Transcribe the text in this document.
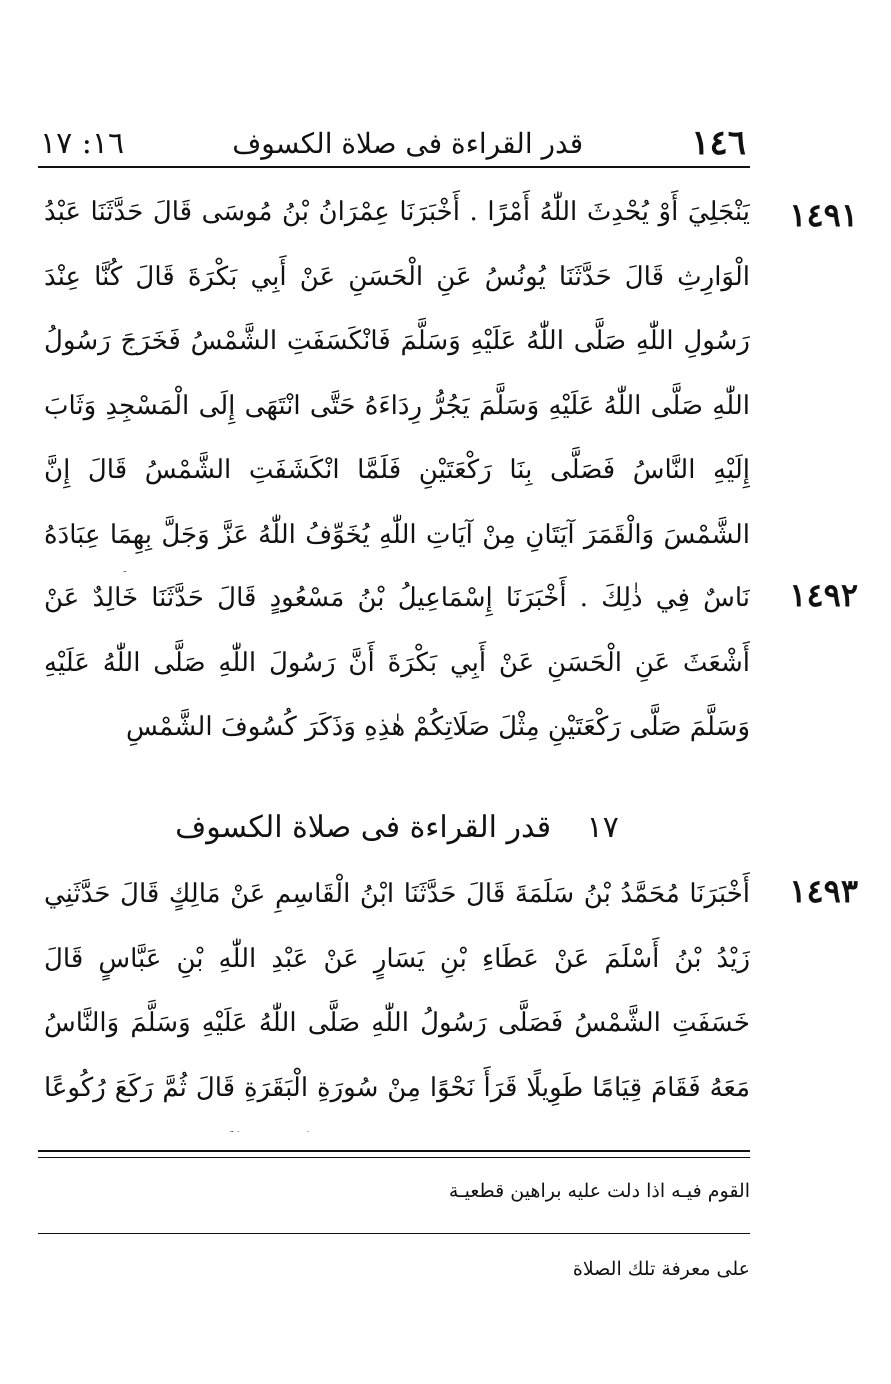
١٤٦
قدر القراءة فى صلاة الكسوف
١٦: ١٧
١٤٩١
يَنْجَلِيَ أَوْ يُحْدِثَ اللّٰهُ أَمْرًا . أَخْبَرَنَا عِمْرَانُ بْنُ مُوسَى قَالَ حَدَّثَنَا عَبْدُ الْوَارِثِ قَالَ حَدَّثَنَا يُونُسُ عَنِ الْحَسَنِ عَنْ أَبِي بَكْرَةَ قَالَ كُنَّا عِنْدَ رَسُولِ اللّٰهِ صَلَّى اللّٰهُ عَلَيْهِ وَسَلَّمَ فَانْكَسَفَتِ الشَّمْسُ فَخَرَجَ رَسُولُ اللّٰهِ صَلَّى اللّٰهُ عَلَيْهِ وَسَلَّمَ يَجُرُّ رِدَاءَهُ حَتَّى انْتَهَى إِلَى الْمَسْجِدِ وَثَابَ إِلَيْهِ النَّاسُ فَصَلَّى بِنَا رَكْعَتَيْنِ فَلَمَّا انْكَشَفَتِ الشَّمْسُ قَالَ إِنَّ الشَّمْسَ وَالْقَمَرَ آيَتَانِ مِنْ آيَاتِ اللّٰهِ يُخَوِّفُ اللّٰهُ عَزَّ وَجَلَّ بِهِمَا عِبَادَهُ
١٤٩٢
نَاسٌ فِي ذٰلِكَ . أَخْبَرَنَا إِسْمَاعِيلُ بْنُ مَسْعُودٍ قَالَ حَدَّثَنَا خَالِدٌ عَنْ أَشْعَثَ عَنِ الْحَسَنِ عَنْ أَبِي بَكْرَةَ أَنَّ رَسُولَ اللّٰهِ صَلَّى اللّٰهُ عَلَيْهِ وَسَلَّمَ صَلَّى رَكْعَتَيْنِ مِثْلَ صَلَاتِكُمْ هٰذِهِ وَذَكَرَ كُسُوفَ الشَّمْسِ
١٧ قدر القراءة فى صلاة الكسوف
١٤٩٣
أَخْبَرَنَا مُحَمَّدُ بْنُ سَلَمَةَ قَالَ حَدَّثَنَا ابْنُ الْقَاسِمِ عَنْ مَالِكٍ قَالَ حَدَّثَنِي زَيْدُ بْنُ أَسْلَمَ عَنْ عَطَاءِ بْنِ يَسَارٍ عَنْ عَبْدِ اللّٰهِ بْنِ عَبَّاسٍ قَالَ خَسَفَتِ الشَّمْسُ فَصَلَّى رَسُولُ اللّٰهِ صَلَّى اللّٰهُ عَلَيْهِ وَسَلَّمَ وَالنَّاسُ مَعَهُ فَقَامَ قِيَامًا طَوِيلًا قَرَأَ نَحْوًا مِنْ سُورَةِ الْبَقَرَةِ قَالَ ثُمَّ رَكَعَ رُكُوعًا
القوم فيـه اذا دلت عليه براهين قطعيـة
على معرفة تلك الصلاة
